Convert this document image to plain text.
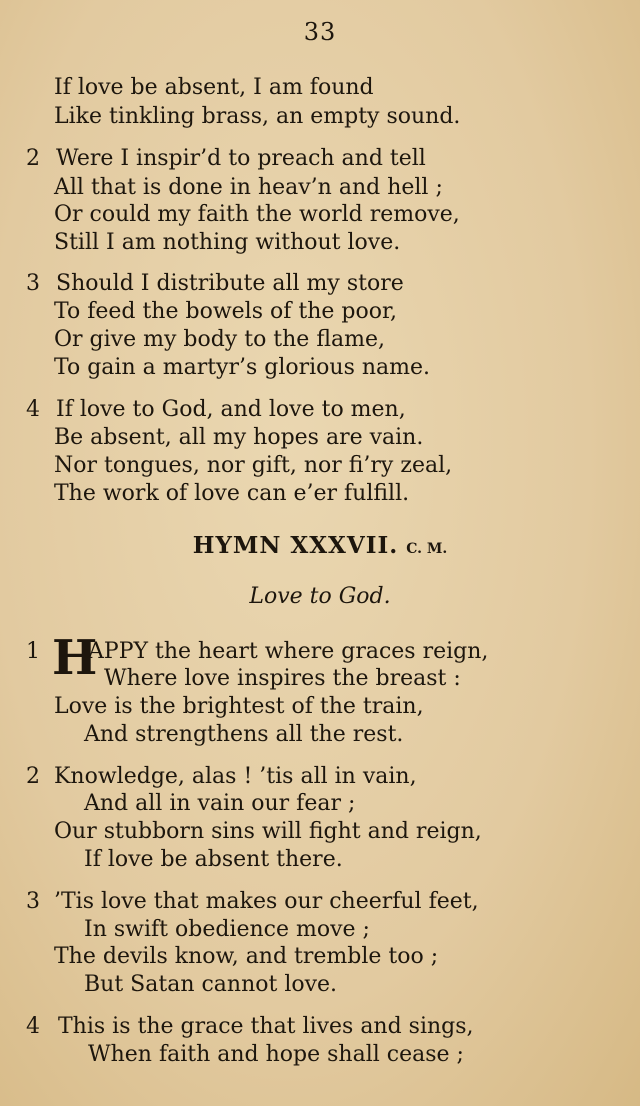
33
If love be absent, I am found
Like tinkling brass, an empty sound.
2 Were I inspir’d to preach and tell
All that is done in heav’n and hell ;
Or could my faith the world remove,
Still I am nothing without love.
3 Should I distribute all my store
To feed the bowels of the poor,
Or give my body to the flame,
To gain a martyr’s glorious name.
4 If love to God, and love to men,
Be absent, all my hopes are vain.
Nor tongues, nor gift, nor fi’ry zeal,
The work of love can e’er fulfill.
HYMN XXXVII. C. M.
Love to God.
1 H
APPY the heart where graces reign,
Where love inspires the breast :
Love is the brightest of the train,
And strengthens all the rest.
2 Knowledge, alas ! ’tis all in vain,
And all in vain our fear ;
Our stubborn sins will fight and reign,
If love be absent there.
3 ’Tis love that makes our cheerful feet,
In swift obedience move ;
The devils know, and tremble too ;
But Satan cannot love.
4 This is the grace that lives and sings,
When faith and hope shall cease ;
